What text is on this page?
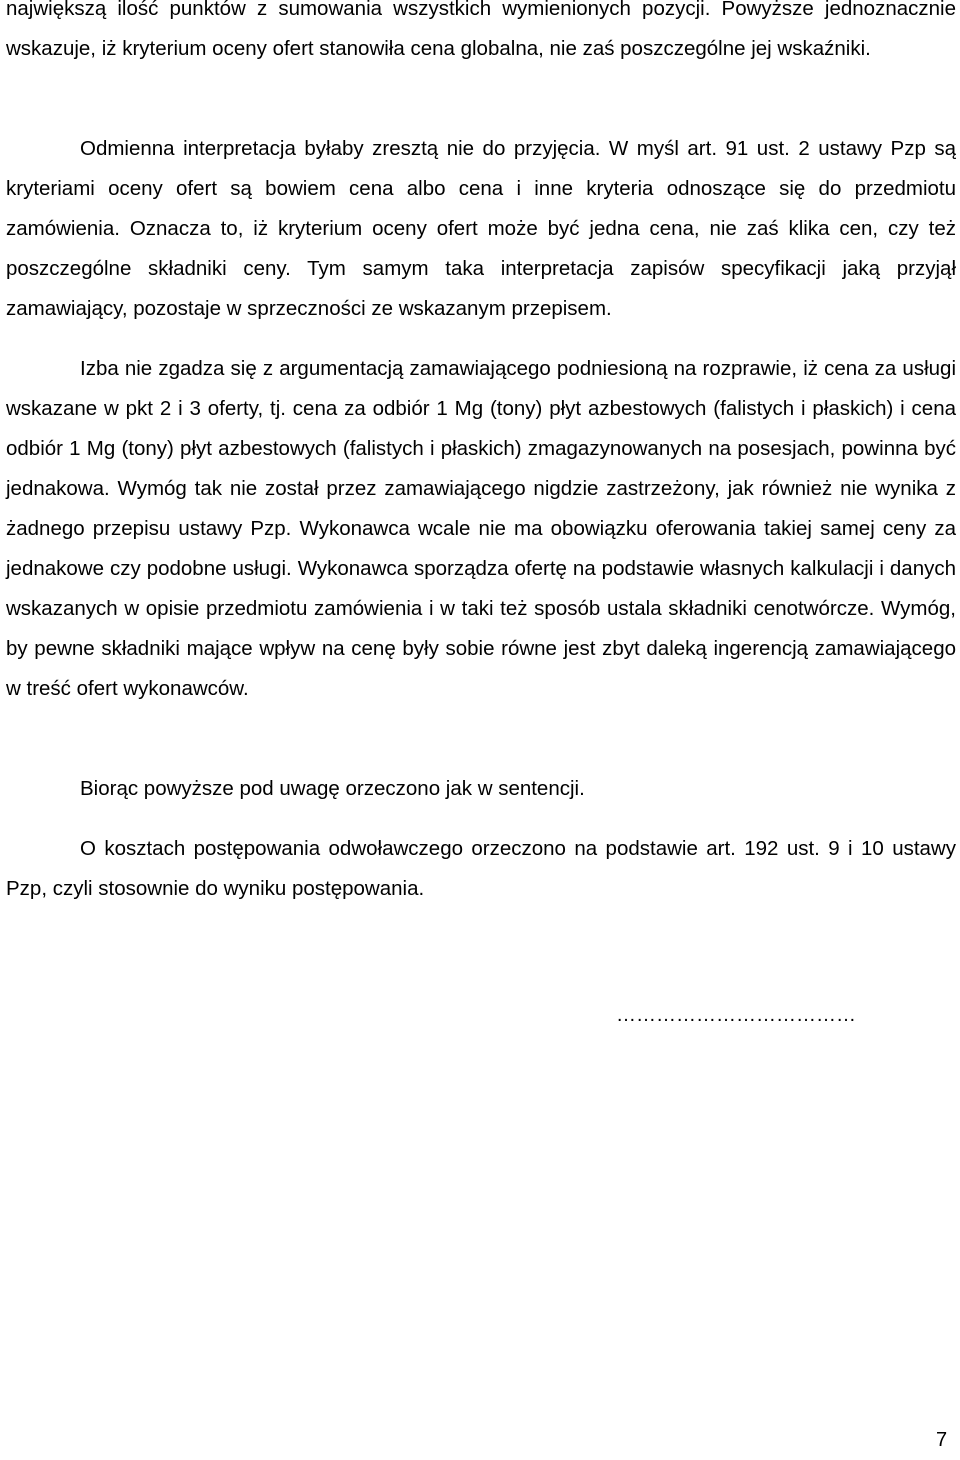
największą ilość punktów z sumowania wszystkich wymienionych pozycji. Powyższe jednoznacznie wskazuje, iż kryterium oceny ofert stanowiła cena globalna, nie zaś poszczególne jej wskaźniki.

Odmienna interpretacja byłaby zresztą nie do przyjęcia. W myśl art. 91 ust. 2 ustawy Pzp są kryteriami oceny ofert są bowiem cena albo cena i inne kryteria odnoszące się do przedmiotu zamówienia. Oznacza to, iż kryterium oceny ofert może być jedna cena, nie zaś klika cen, czy też poszczególne składniki ceny. Tym samym taka interpretacja zapisów specyfikacji jaką przyjął zamawiający, pozostaje w sprzeczności ze wskazanym przepisem.

Izba nie zgadza się z argumentacją zamawiającego podniesioną na rozprawie, iż cena za usługi wskazane w pkt 2 i 3 oferty, tj. cena za odbiór 1 Mg (tony) płyt azbestowych (falistych i płaskich) i cena odbiór 1 Mg (tony) płyt azbestowych (falistych i płaskich) zmagazynowanych na posesjach, powinna być jednakowa. Wymóg tak nie został przez zamawiającego nigdzie zastrzeżony, jak również nie wynika z żadnego przepisu ustawy Pzp. Wykonawca wcale nie ma obowiązku oferowania takiej samej ceny za jednakowe czy podobne usługi. Wykonawca sporządza ofertę na podstawie własnych kalkulacji i danych wskazanych w opisie przedmiotu zamówienia i w taki też sposób ustala składniki cenotwórcze. Wymóg, by pewne składniki mające wpływ na cenę były sobie równe jest zbyt daleką ingerencją zamawiającego w treść ofert wykonawców.

Biorąc powyższe pod uwagę orzeczono jak w sentencji.

O kosztach postępowania odwoławczego orzeczono na podstawie art. 192 ust. 9 i 10 ustawy Pzp, czyli stosownie do wyniku postępowania.

………………………………
7
